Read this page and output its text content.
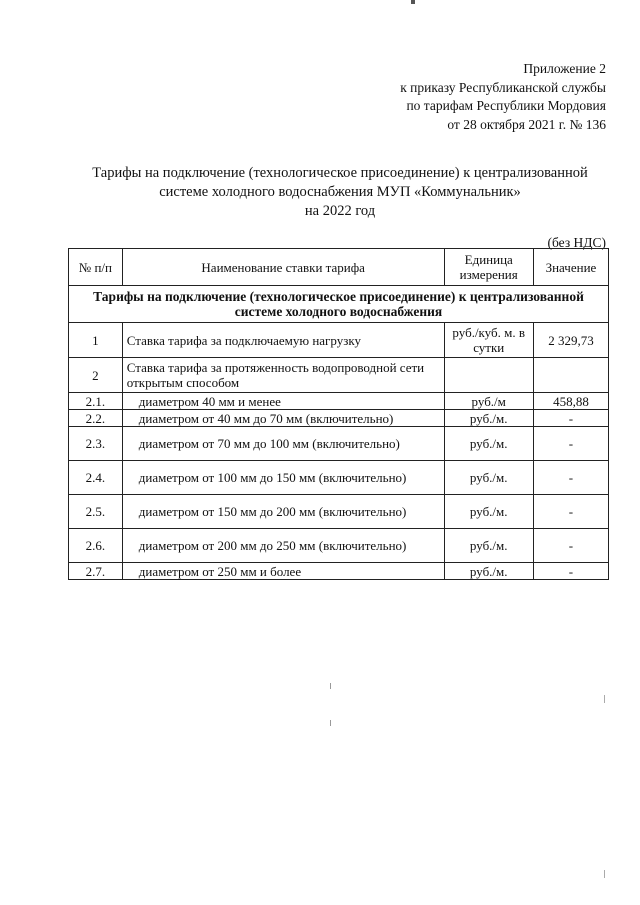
Приложение 2
к приказу Республиканской службы
по тарифам Республики Мордовия
от 28 октября 2021 г. № 136
Тарифы на подключение (технологическое присоединение) к централизованной
системе холодного водоснабжения МУП «Коммунальник»
на 2022 год
(без НДС)
№ п/п	Наименование ставки тарифа	Единица измерения	Значение
Тарифы на подключение (технологическое присоединение) к централизованной системе холодного водоснабжения			
1	Ставка тарифа за подключаемую нагрузку	руб./куб. м. в сутки	2 329,73
2	Ставка тарифа за протяженность водопроводной сети открытым способом		
2.1.	диаметром 40 мм и менее	руб./м	458,88
2.2.	диаметром от 40 мм до 70 мм (включительно)	руб./м.	-
2.3.	диаметром от 70 мм до 100 мм (включительно)	руб./м.	-
2.4.	диаметром от 100 мм до 150 мм (включительно)	руб./м.	-
2.5.	диаметром от 150 мм до 200 мм (включительно)	руб./м.	-
2.6.	диаметром от 200 мм до 250 мм (включительно)	руб./м.	-
2.7.	диаметром от 250 мм и более	руб./м.	-
